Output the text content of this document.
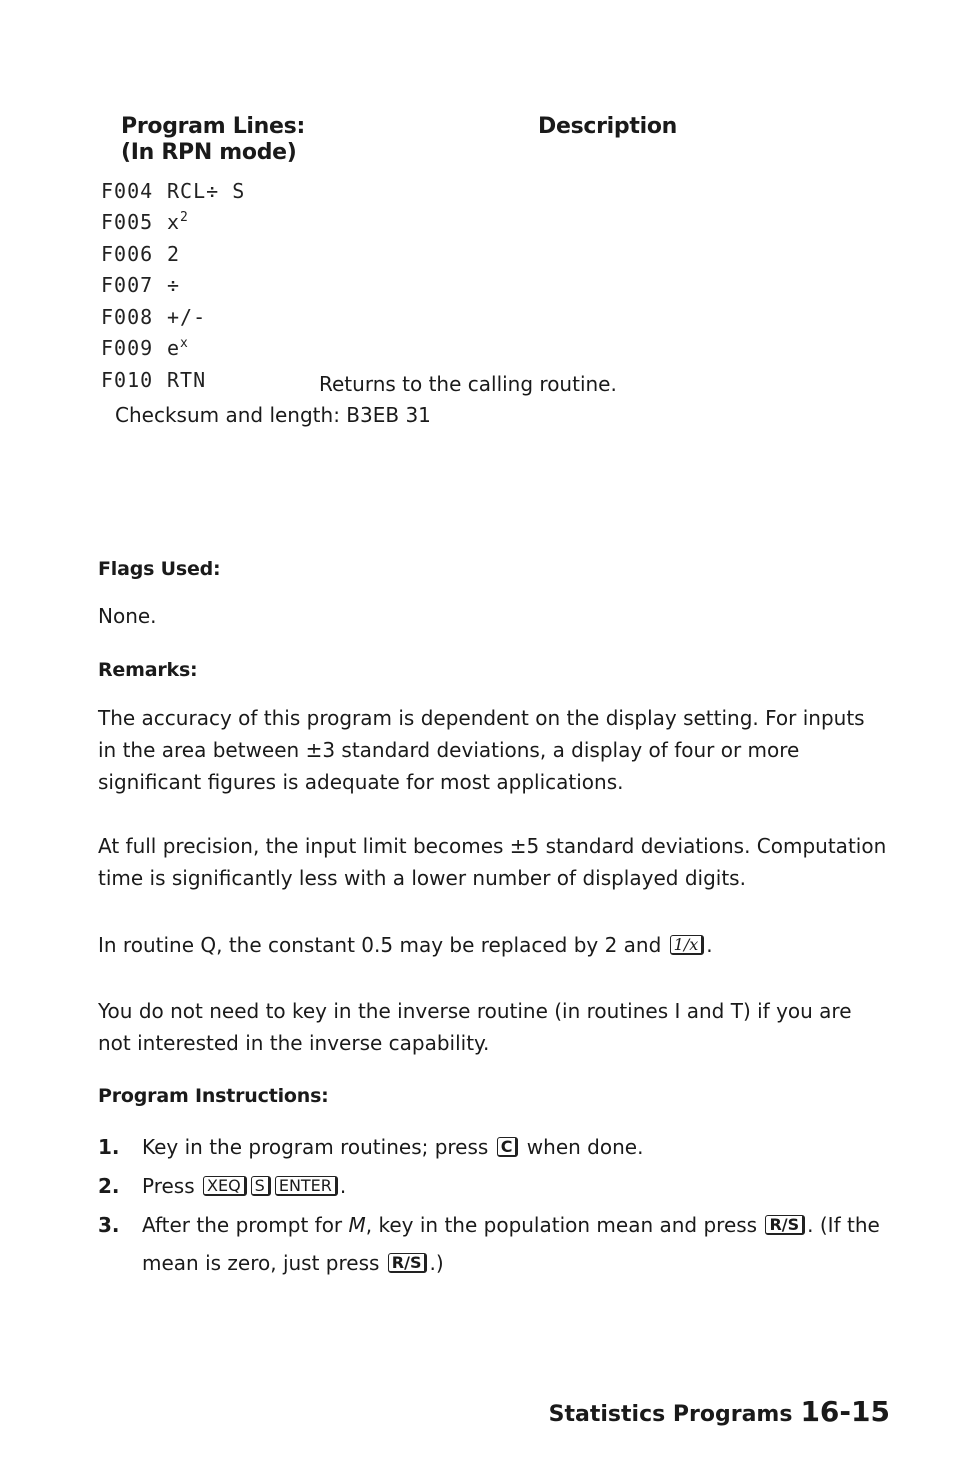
Program Lines:
(In RPN mode)
Description
F004 RCL÷ S
F005 $x^2$
F006 2
F007 ÷
F008 +/-
F009 $e^x$
F010 RTN	Returns to the calling routine.
Checksum and length: B3EB 31
Flags Used:
None.
Remarks:
The accuracy of this program is dependent on the display setting. For inputs in the area between ±3 standard deviations, a display of four or more significant figures is adequate for most applications.
At full precision, the input limit becomes ±5 standard deviations. Computation time is significantly less with a lower number of displayed digits.
In routine Q, the constant 0.5 may be replaced by 2 and 1/x .
You do not need to key in the inverse routine (in routines I and T) if you are not interested in the inverse capability.
Program Instructions:
1. Key in the program routines; press C when done.
2. Press XEQ S ENTER .
3. After the prompt for M, key in the population mean and press R/S . (If the mean is zero, just press R/S .)
Statistics Programs 16-15
